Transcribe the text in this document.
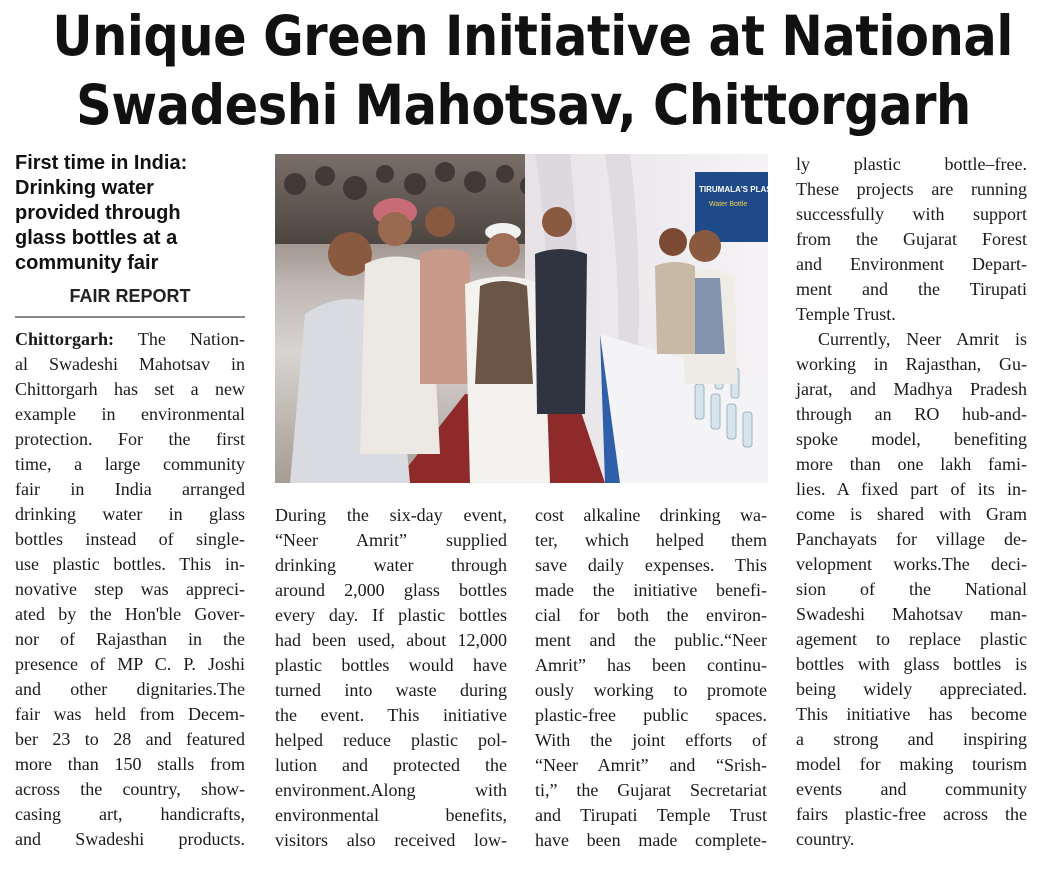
Unique Green Initiative at National
Swadeshi Mahotsav, Chittorgarh
First time in India:
Drinking water
provided through
glass bottles at a
community fair
FAIR REPORT
Chittorgarh: The Nation-
al Swadeshi Mahotsav in
Chittorgarh has set a new
example in environmental
protection. For the first
time, a large community
fair in India arranged
drinking water in glass
bottles instead of single-
use plastic bottles. This in-
novative step was apprecі-
ated by the Hon'ble Gover-
nor of Rajasthan in the
presence of MP C. P. Joshi
and other dignitaries.The
fair was held from Decem-
ber 23 to 28 and featured
more than 150 stalls from
across the country, show-
casing art, handicrafts,
and Swadeshi products.
TIRUMALA'S PLAST
Water Bottle
During the six-day event,
“Neer Amrit” supplied
drinking water through
around 2,000 glass bottles
every day. If plastic bottles
had been used, about 12,000
plastic bottles would have
turned into waste during
the event. This initiative
helped reduce plastic pol-
lution and protected the
environment.Along with
environmental benefits,
visitors also received low-
cost alkaline drinking wa-
ter, which helped them
save daily expenses. This
made the initiative benefi-
cial for both the environ-
ment and the public.“Neer
Amrit” has been continu-
ously working to promote
plastic-free public spaces.
With the joint efforts of
“Neer Amrit” and “Srish-
ti,” the Gujarat Secretariat
and Tirupati Temple Trust
have been made complete-
ly plastic bottle–free.
These projects are running
successfully with support
from the Gujarat Forest
and Environment Depart-
ment and the Tirupati
Temple Trust.
Currently, Neer Amrit is
working in Rajasthan, Gu-
jarat, and Madhya Pradesh
through an RO hub-and-
spoke model, benefiting
more than one lakh fami-
lies. A fixed part of its in-
come is shared with Gram
Panchayats for village de-
velopment works.The deci-
sion of the National
Swadeshi Mahotsav man-
agement to replace plastic
bottles with glass bottles is
being widely appreciated.
This initiative has become
a strong and inspiring
model for making tourism
events and community
fairs plastic-free across the
country.
